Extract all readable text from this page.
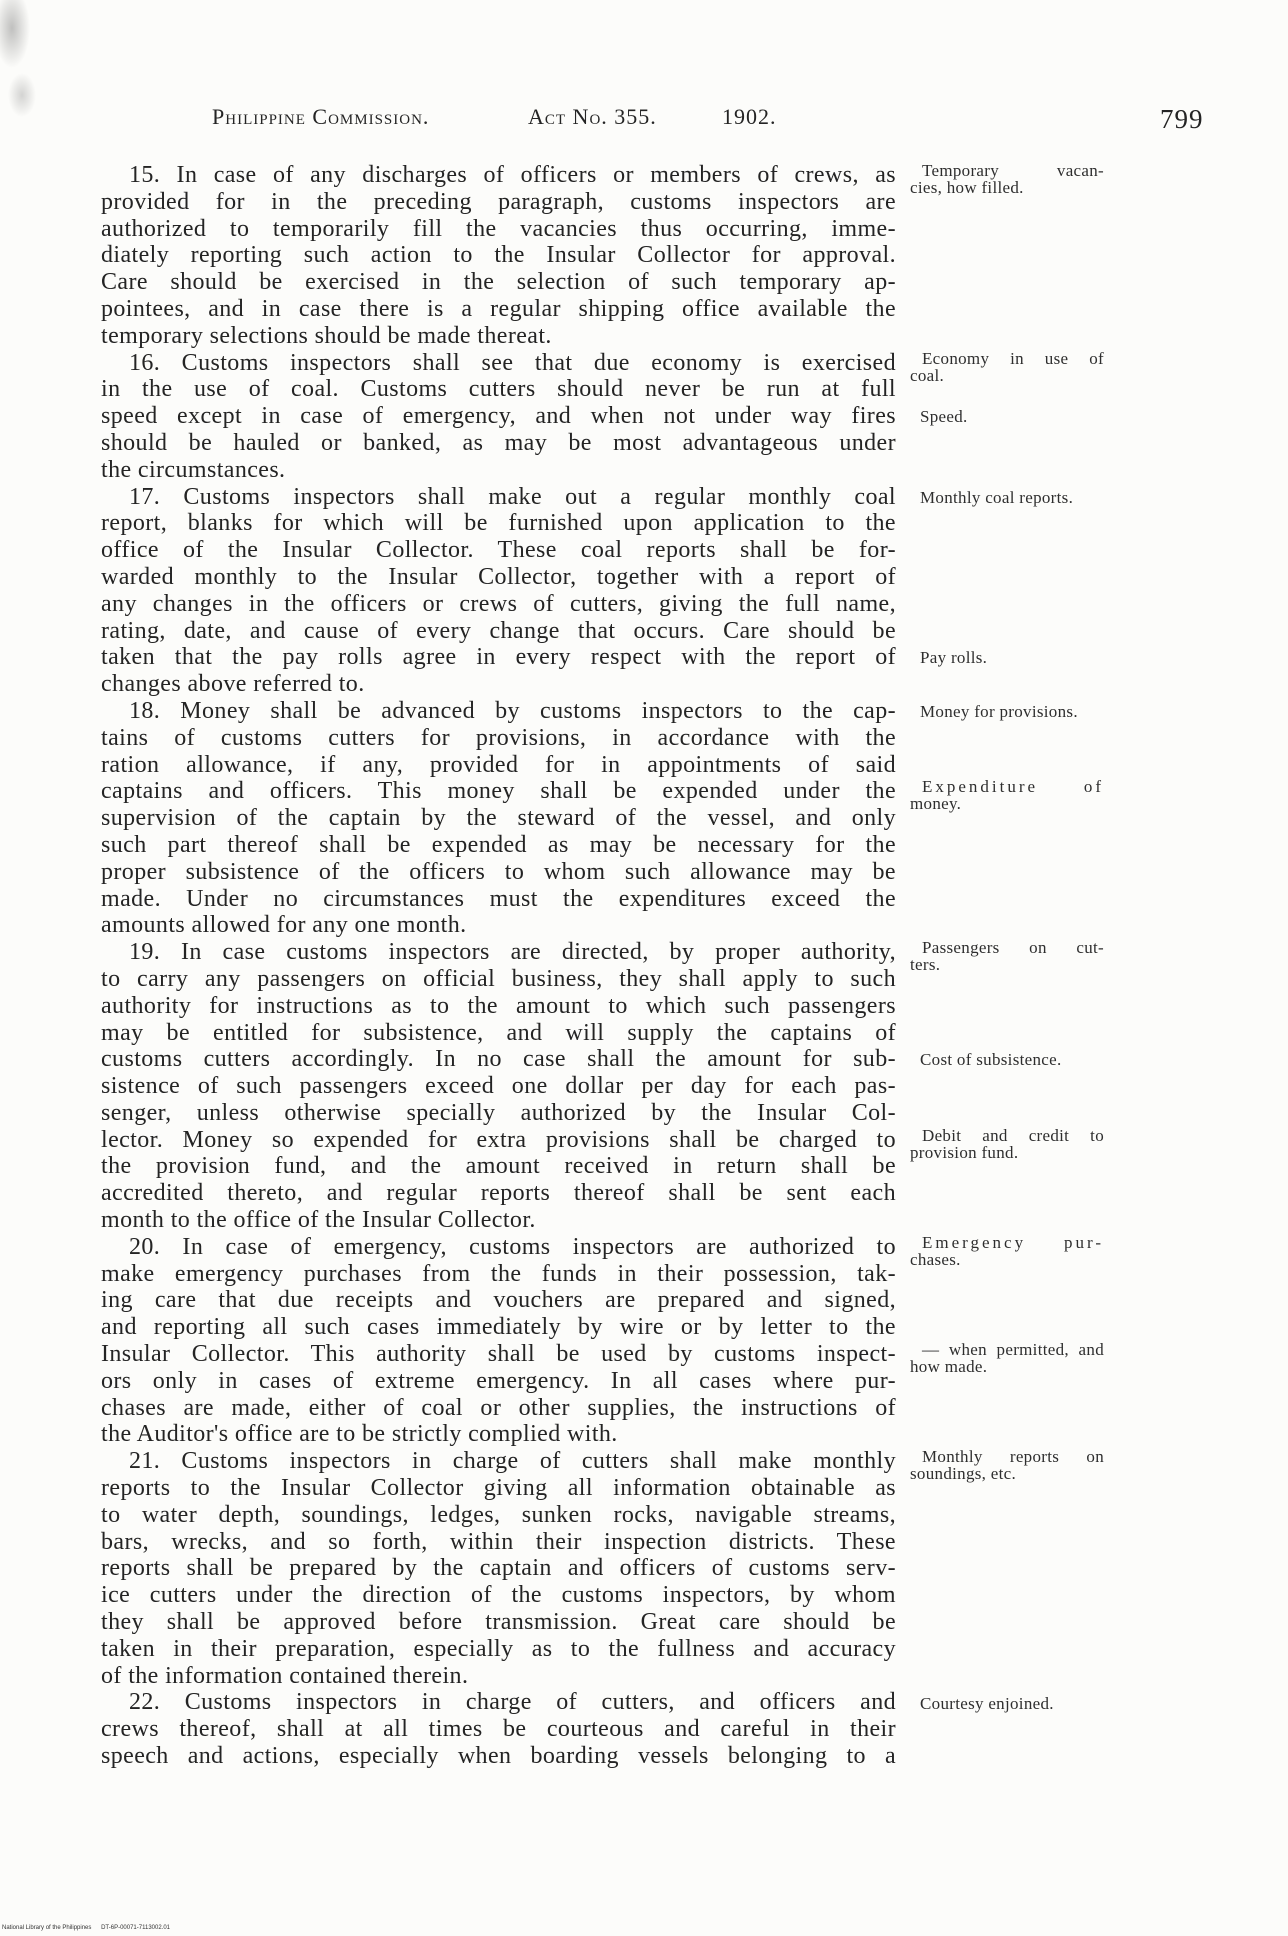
Philippine Commission.	Act No. 355.	1902.	799
15. In case of any discharges of officers or members of crews, as
provided for in the preceding paragraph, customs inspectors are
authorized to temporarily fill the vacancies thus occurring, imme-
diately reporting such action to the Insular Collector for approval.
Care should be exercised in the selection of such temporary ap-
pointees, and in case there is a regular shipping office available the
temporary selections should be made thereat.
16. Customs inspectors shall see that due economy is exercised
in the use of coal. Customs cutters should never be run at full
speed except in case of emergency, and when not under way fires
should be hauled or banked, as may be most advantageous under
the circumstances.
17. Customs inspectors shall make out a regular monthly coal
report, blanks for which will be furnished upon application to the
office of the Insular Collector. These coal reports shall be for-
warded monthly to the Insular Collector, together with a report of
any changes in the officers or crews of cutters, giving the full name,
rating, date, and cause of every change that occurs. Care should be
taken that the pay rolls agree in every respect with the report of
changes above referred to.
18. Money shall be advanced by customs inspectors to the cap-
tains of customs cutters for provisions, in accordance with the
ration allowance, if any, provided for in appointments of said
captains and officers. This money shall be expended under the
supervision of the captain by the steward of the vessel, and only
such part thereof shall be expended as may be necessary for the
proper subsistence of the officers to whom such allowance may be
made. Under no circumstances must the expenditures exceed the
amounts allowed for any one month.
19. In case customs inspectors are directed, by proper authority,
to carry any passengers on official business, they shall apply to such
authority for instructions as to the amount to which such passengers
may be entitled for subsistence, and will supply the captains of
customs cutters accordingly. In no case shall the amount for sub-
sistence of such passengers exceed one dollar per day for each pas-
senger, unless otherwise specially authorized by the Insular Col-
lector. Money so expended for extra provisions shall be charged to
the provision fund, and the amount received in return shall be
accredited thereto, and regular reports thereof shall be sent each
month to the office of the Insular Collector.
20. In case of emergency, customs inspectors are authorized to
make emergency purchases from the funds in their possession, tak-
ing care that due receipts and vouchers are prepared and signed,
and reporting all such cases immediately by wire or by letter to the
Insular Collector. This authority shall be used by customs inspect-
ors only in cases of extreme emergency. In all cases where pur-
chases are made, either of coal or other supplies, the instructions of
the Auditor's office are to be strictly complied with.
21. Customs inspectors in charge of cutters shall make monthly
reports to the Insular Collector giving all information obtainable as
to water depth, soundings, ledges, sunken rocks, navigable streams,
bars, wrecks, and so forth, within their inspection districts. These
reports shall be prepared by the captain and officers of customs serv-
ice cutters under the direction of the customs inspectors, by whom
they shall be approved before transmission. Great care should be
taken in their preparation, especially as to the fullness and accuracy
of the information contained therein.
22. Customs inspectors in charge of cutters, and officers and
crews thereof, shall at all times be courteous and careful in their
speech and actions, especially when boarding vessels belonging to a
Temporary vacan-
cies, how filled.
Economy in use of
coal.
Speed.
Monthly coal reports.
Pay rolls.
Money for provisions.
Expenditure of
money.
Passengers on cut-
ters.
Cost of subsistence.
Debit and credit to
provision fund.
Emergency pur-
chases.
— when permitted, and
how made.
Monthly reports on
soundings, etc.
Courtesy enjoined.
National Library of the Philippines DT-6P-00071-7113002.01
